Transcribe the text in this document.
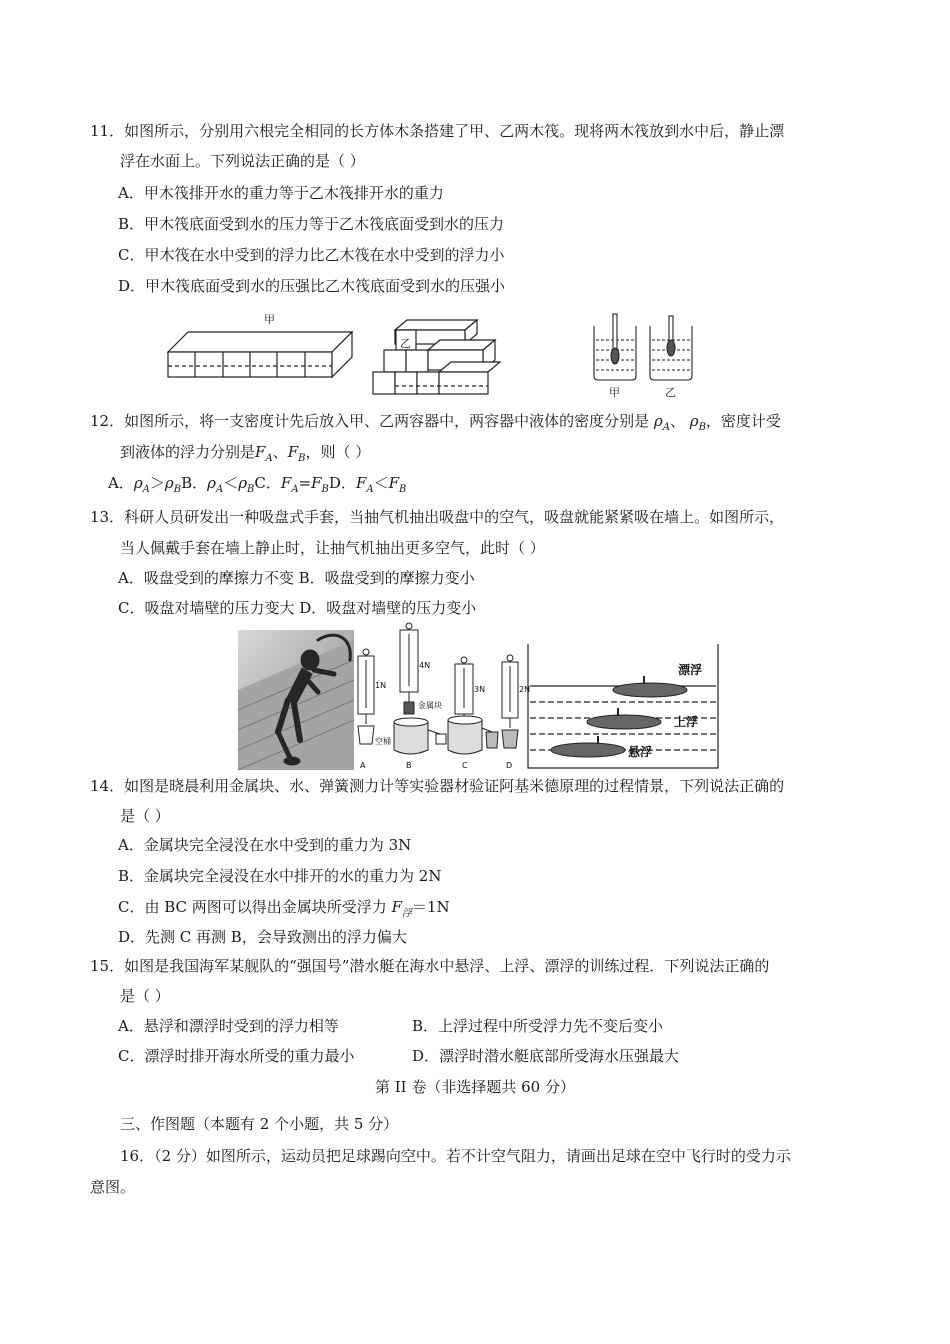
11．如图所示，分别用六根完全相同的长方体木条搭建了甲、乙两木筏。现将两木筏放到水中后，静止漂
浮在水面上。下列说法正确的是（ ）
A．甲木筏排开水的重力等于乙木筏排开水的重力
B．甲木筏底面受到水的压力等于乙木筏底面受到水的压力
C．甲木筏在水中受到的浮力比乙木筏在水中受到的浮力小
D．甲木筏底面受到水的压强比乙木筏底面受到水的压强小
甲
乙
甲	乙
12．如图所示，将一支密度计先后放入甲、乙两容器中，两容器中液体的密度分别是 $\rho_A$、 $\rho_B$，密度计受
到液体的浮力分别是$F_A$、$F_B$，则（ ）
A．$\rho_A>\rho_BB$．$\rho_A<\rho_BC$．$F_A=F_BD$．$F_A<F_B$
13．科研人员研发出一种吸盘式手套，当抽气机抽出吸盘中的空气，吸盘就能紧紧吸在墙上。如图所示，
当人佩戴手套在墙上静止时，让抽气机抽出更多空气，此时（ ）
A．吸盘受到的摩擦力不变 B．吸盘受到的摩擦力变小
C．吸盘对墙壁的压力变大 D．吸盘对墙壁的压力变小
1N
4N
3N	2N
金属块
空桶
A	B	C	D
漂浮
上浮
悬浮
14．如图是晓晨利用金属块、水、弹簧测力计等实验器材验证阿基米德原理的过程情景，下列说法正确的
是（ ）
A．金属块完全浸没在水中受到的重力为 3N
B．金属块完全浸没在水中排开的水的重力为 2N
C．由 BC 两图可以得出金属块所受浮力 $F_浮=1N$
D．先测 C 再测 B，会导致测出的浮力偏大
15．如图是我国海军某舰队的“强国号”潜水艇在海水中悬浮、上浮、漂浮的训练过程．下列说法正确的
是（ ）
A．悬浮和漂浮时受到的浮力相等	B．上浮过程中所受浮力先不变后变小
C．漂浮时排开海水所受的重力最小	D．漂浮时潜水艇底部所受海水压强最大
第 II 卷（非选择题共 60 分）
三、作图题（本题有 2 个小题，共 5 分）
16．（2 分）如图所示，运动员把足球踢向空中。若不计空气阻力，请画出足球在空中飞行时的受力示
意图。
